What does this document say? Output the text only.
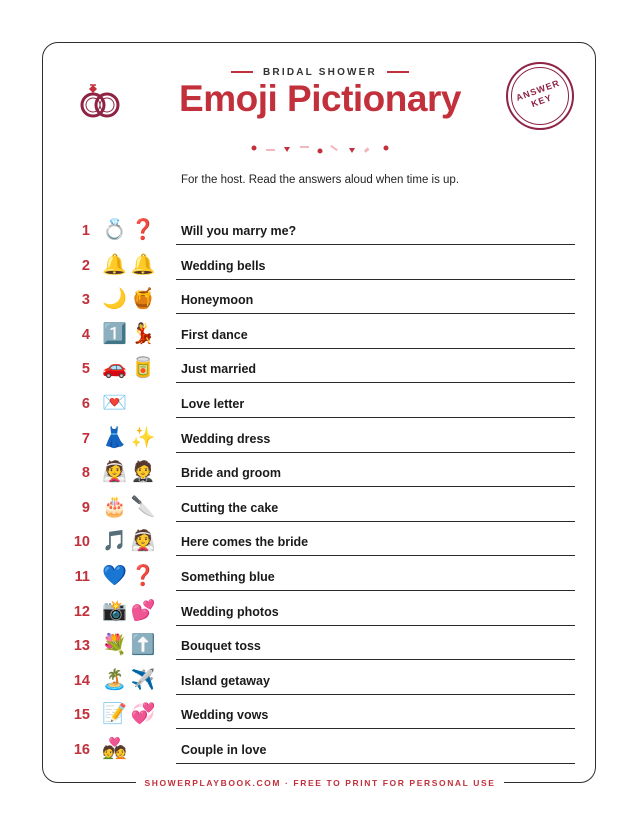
BRIDAL SHOWER
Emoji Pictionary	ANSWER KEY
For the host. Read the answers aloud when time is up.
1 💍❓ Will you marry me?
2 🔔🔔 Wedding bells
3 🌙🍯 Honeymoon
4 1️⃣💃 First dance
5 🚗🥫 Just married
6 💌	Love letter
7 👗✨ Wedding dress
8 👰🤵 Bride and groom
9 🎂🔪 Cutting the cake
10 🎵👰 Here comes the bride
11 💙❓ Something blue
12 📸💕 Wedding photos
13 💐⬆️ Bouquet toss
14 🏝️✈️ Island getaway
15 📝💞 Wedding vows
16 💑	Couple in love
SHOWERPLAYBOOK.COM · FREE TO PRINT FOR PERSONAL USE
